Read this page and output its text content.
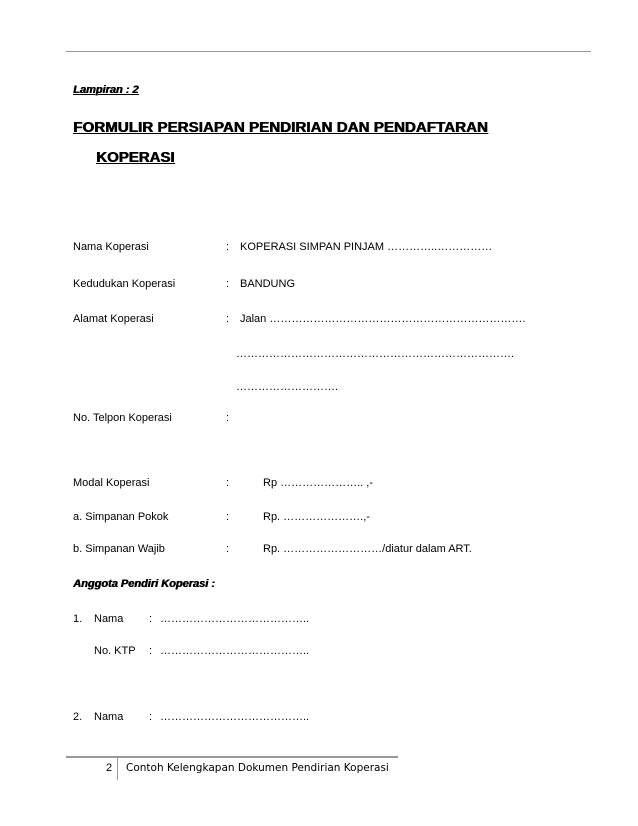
Lampiran : 2
FORMULIR PERSIAPAN PENDIRIAN DAN PENDAFTARAN
KOPERASI
Nama Koperasi	: KOPERASI SIMPAN PINJAM …………..……………
Kedudukan Koperasi	: BANDUNG
Alamat Koperasi	: Jalan …………………………………………………………….
………………………………………………………………….
……………………….
No. Telpon Koperasi	:
Modal Koperasi	:	Rp ………………….. ,-
a. Simpanan Pokok	:	Rp. ………………….,-
b. Simpanan Wajib	:	Rp. ………………………/diatur dalam ART.
Anggota Pendiri Koperasi :
1. Nama : …………………………………..
No. KTP : …………………………………..
2. Nama : …………………………………..
2 Contoh Kelengkapan Dokumen Pendirian Koperasi
